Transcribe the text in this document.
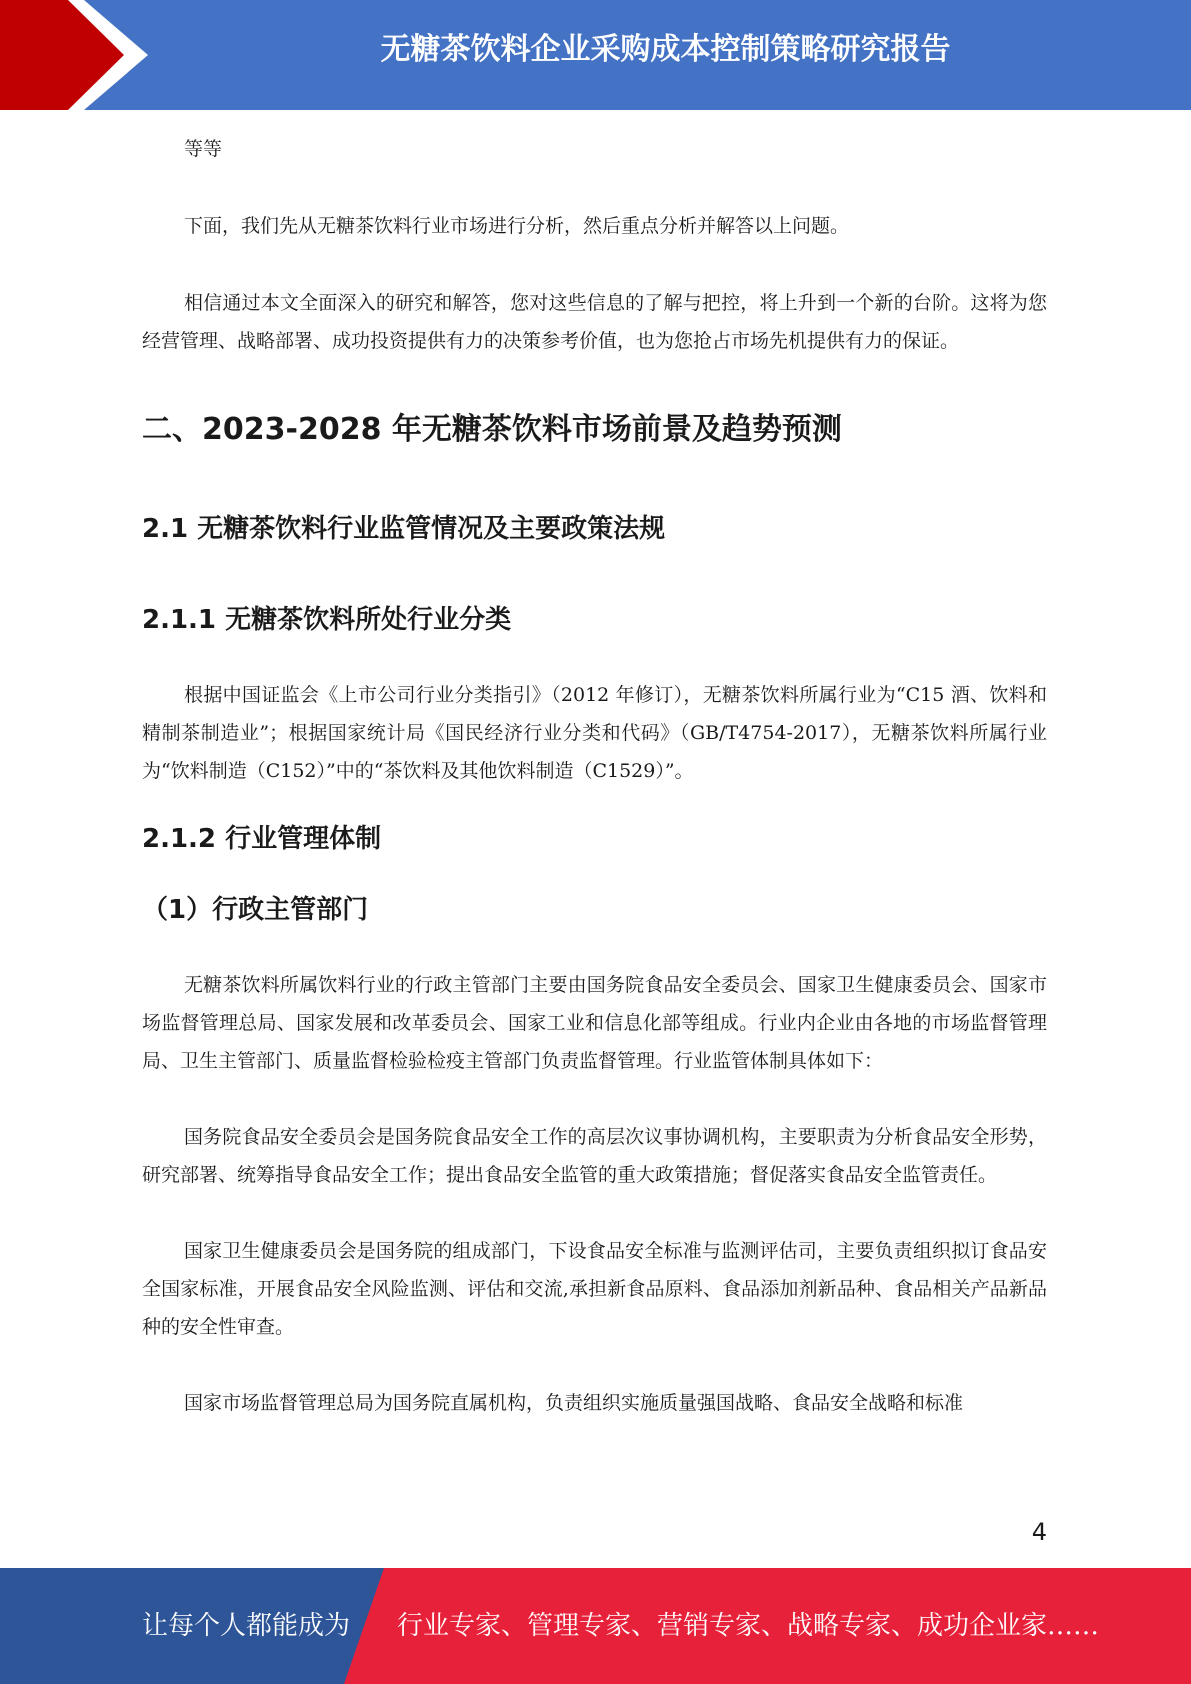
无糖茶饮料企业采购成本控制策略研究报告

等等

下面，我们先从无糖茶饮料行业市场进行分析，然后重点分析并解答以上问题。

相信通过本文全面深入的研究和解答，您对这些信息的了解与把控，将上升到一个新的台阶。这将为您经营管理、战略部署、成功投资提供有力的决策参考价值，也为您抢占市场先机提供有力的保证。

二、2023-2028 年无糖茶饮料市场前景及趋势预测
2.1 无糖茶饮料行业监管情况及主要政策法规
2.1.1 无糖茶饮料所处行业分类

根据中国证监会《上市公司行业分类指引》（2012 年修订），无糖茶饮料所属行业为“C15 酒、饮料和精制茶制造业”；根据国家统计局《国民经济行业分类和代码》（GB/T4754-2017），无糖茶饮料所属行业为“饮料制造（C152）”中的“茶饮料及其他饮料制造（C1529）”。

2.1.2 行业管理体制
（1）行政主管部门

无糖茶饮料所属饮料行业的行政主管部门主要由国务院食品安全委员会、国家卫生健康委员会、国家市场监督管理总局、国家发展和改革委员会、国家工业和信息化部等组成。行业内企业由各地的市场监督管理局、卫生主管部门、质量监督检验检疫主管部门负责监督管理。行业监管体制具体如下：

国务院食品安全委员会是国务院食品安全工作的高层次议事协调机构，主要职责为分析食品安全形势，研究部署、统筹指导食品安全工作；提出食品安全监管的重大政策措施；督促落实食品安全监管责任。

国家卫生健康委员会是国务院的组成部门，下设食品安全标准与监测评估司，主要负责组织拟订食品安全国家标准，开展食品安全风险监测、评估和交流,承担新食品原料、食品添加剂新品种、食品相关产品新品种的安全性审查。

国家市场监督管理总局为国务院直属机构，负责组织实施质量强国战略、食品安全战略和标准

4
让每个人都能成为 行业专家、管理专家、营销专家、战略专家、成功企业家……
